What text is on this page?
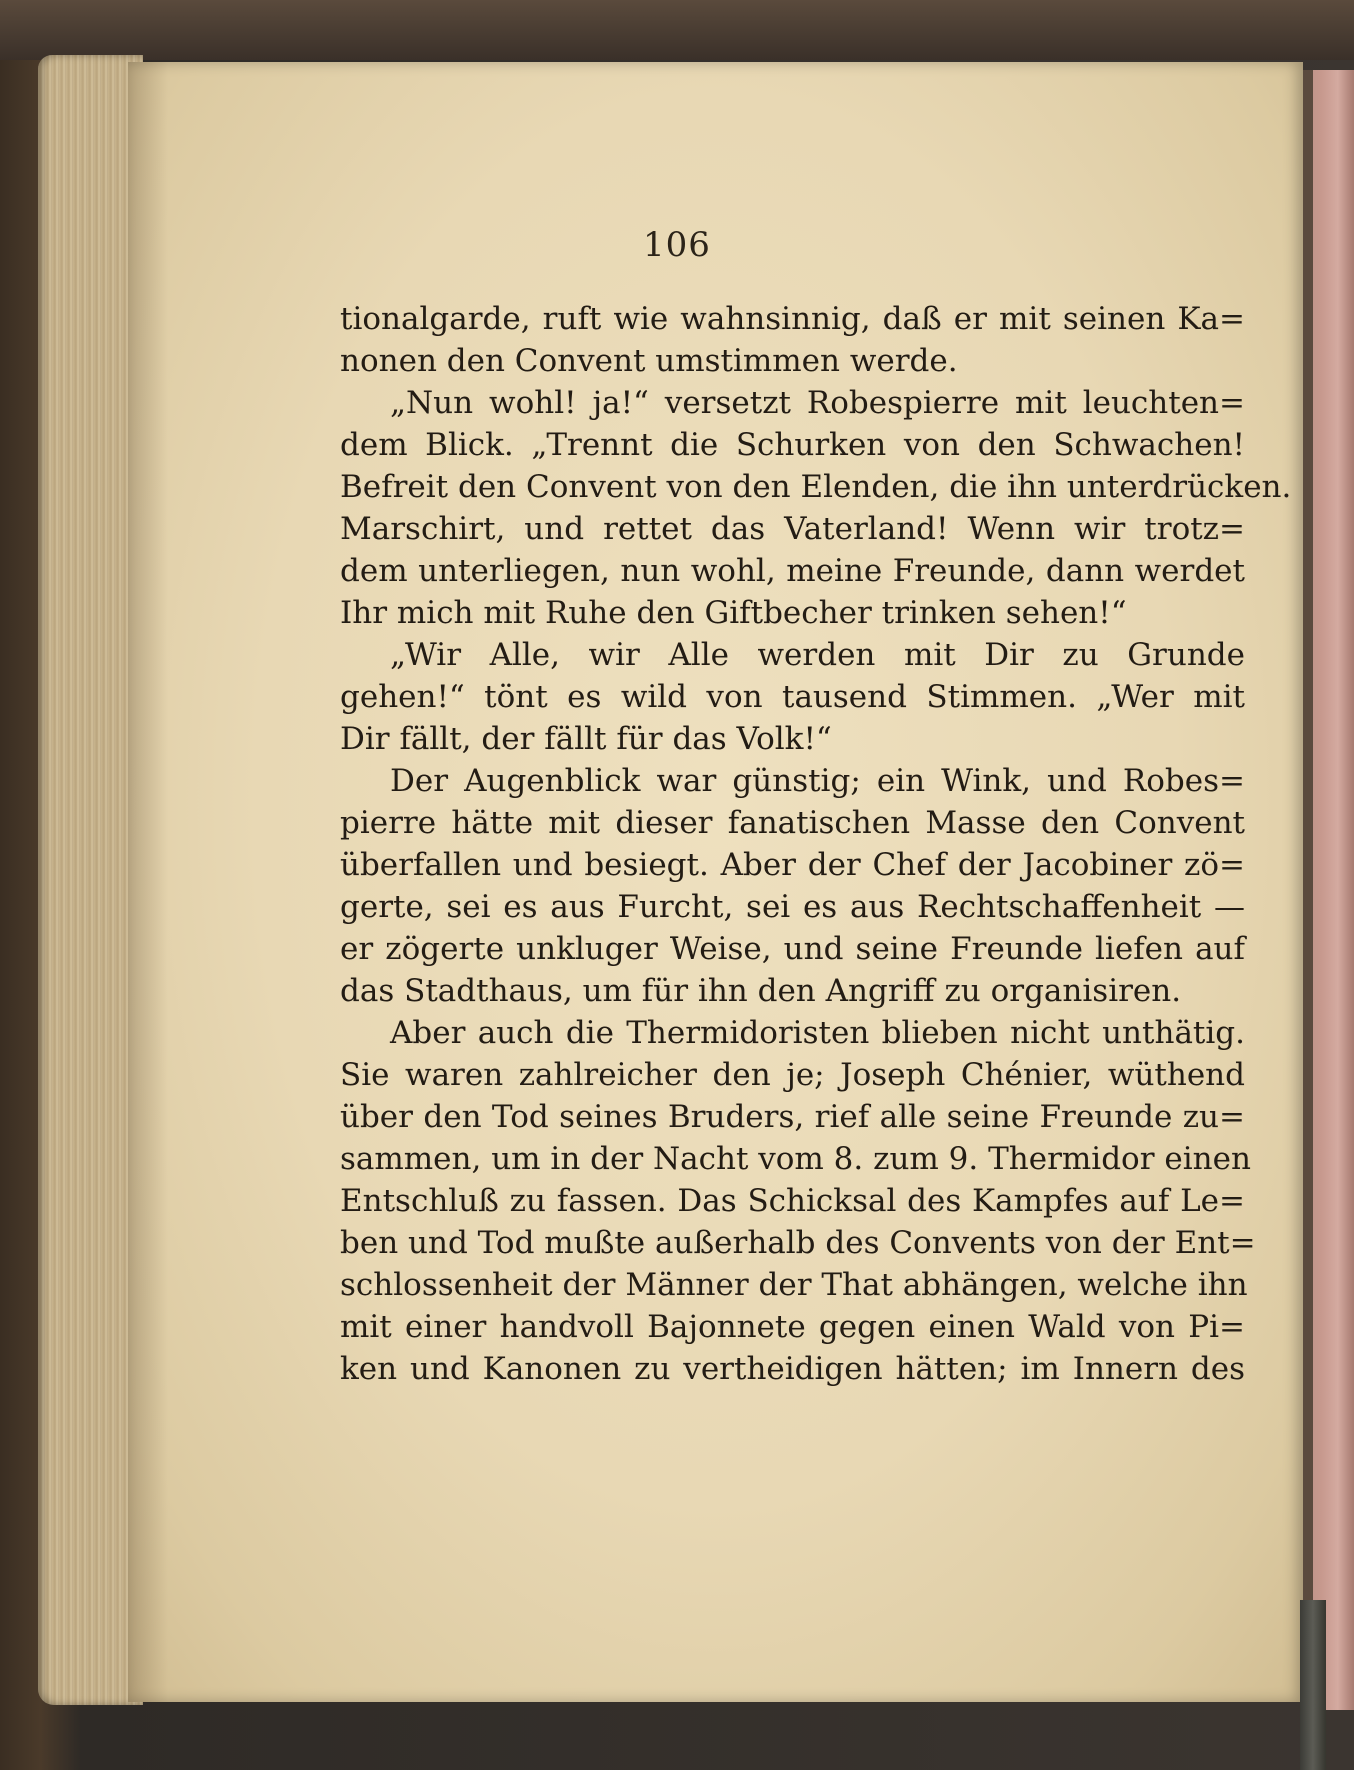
106
tionalgarde, ruft wie wahnsinnig, daß er mit seinen Ka=
nonen den Convent umstimmen werde.
„Nun wohl! ja!“ versetzt Robespierre mit leuchten=
dem Blick. „Trennt die Schurken von den Schwachen!
Befreit den Convent von den Elenden, die ihn unterdrücken.
Marschirt, und rettet das Vaterland! Wenn wir trotz=
dem unterliegen, nun wohl, meine Freunde, dann werdet
Ihr mich mit Ruhe den Giftbecher trinken sehen!“
„Wir Alle, wir Alle werden mit Dir zu Grunde
gehen!“ tönt es wild von tausend Stimmen. „Wer mit
Dir fällt, der fällt für das Volk!“
Der Augenblick war günstig; ein Wink, und Robes=
pierre hätte mit dieser fanatischen Masse den Convent
überfallen und besiegt. Aber der Chef der Jacobiner zö=
gerte, sei es aus Furcht, sei es aus Rechtschaffenheit —
er zögerte unkluger Weise, und seine Freunde liefen auf
das Stadthaus, um für ihn den Angriff zu organisiren.
Aber auch die Thermidoristen blieben nicht unthätig.
Sie waren zahlreicher den je; Joseph Chénier, wüthend
über den Tod seines Bruders, rief alle seine Freunde zu=
sammen, um in der Nacht vom 8. zum 9. Thermidor einen
Entschluß zu fassen. Das Schicksal des Kampfes auf Le=
ben und Tod mußte außerhalb des Convents von der Ent=
schlossenheit der Männer der That abhängen, welche ihn
mit einer handvoll Bajonnete gegen einen Wald von Pi=
ken und Kanonen zu vertheidigen hätten; im Innern des
